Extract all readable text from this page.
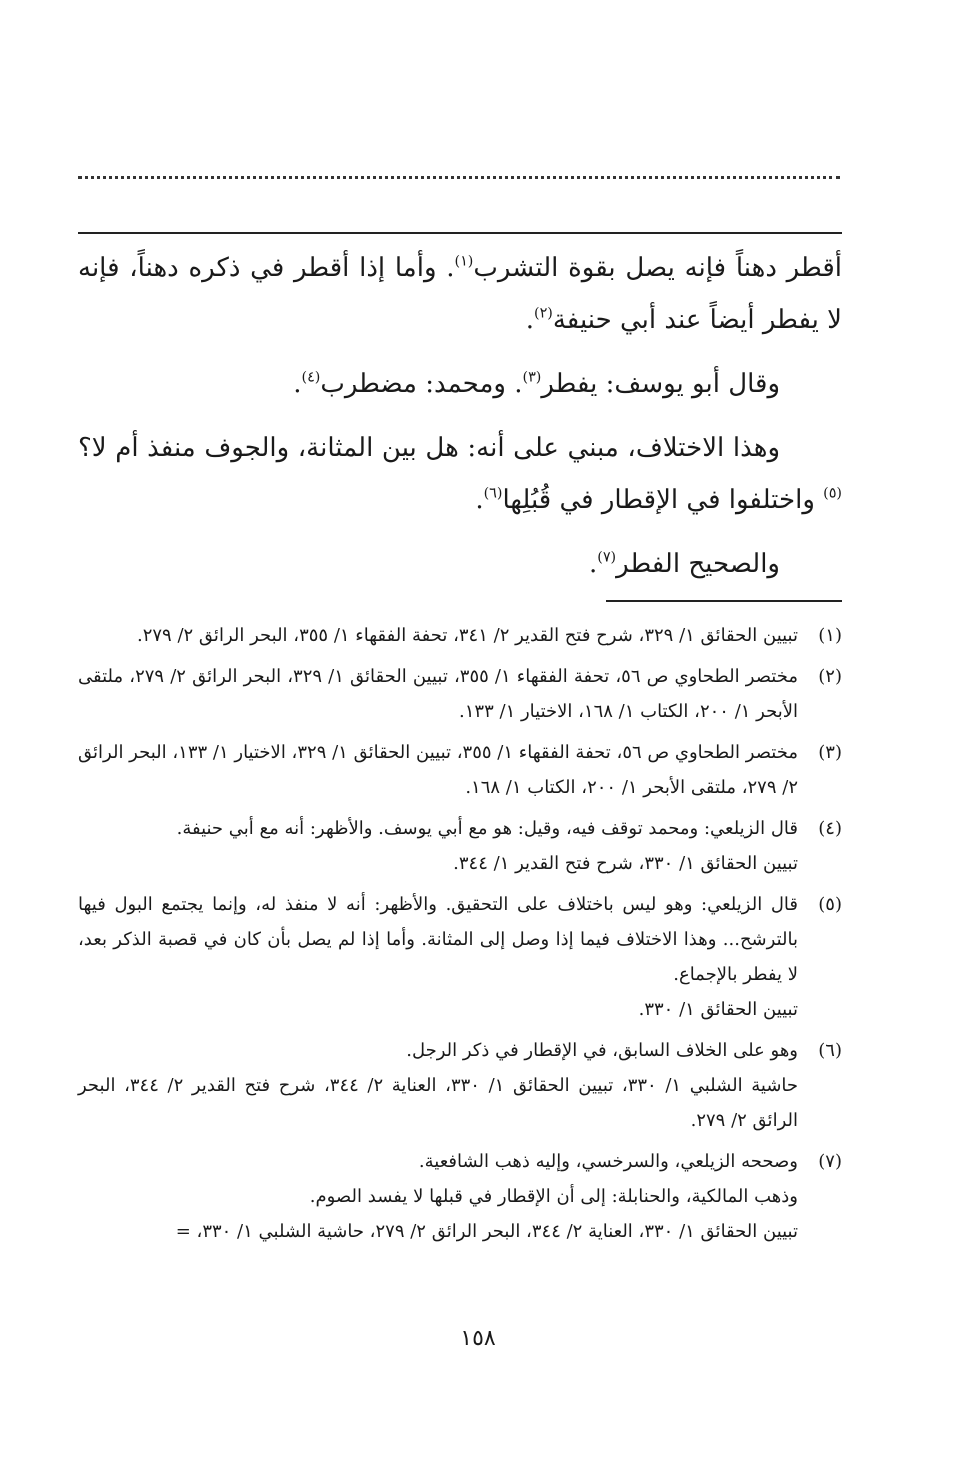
أقطر دهناً فإنه يصل بقوة التشرب$^{(١)}$. وأما إذا أقطر في ذكره دهناً، فإنه لا يفطر أيضاً عند أبي حنيفة$^{(٢)}$.

وقال أبو يوسف: يفطر$^{(٣)}$. ومحمد: مضطرب$^{(٤)}$.

وهذا الاختلاف، مبني على أنه: هل بين المثانة، والجوف منفذ أم لا؟$^{(٥)}$ واختلفوا في الإقطار في قُبُلِها$^{(٦)}$.

والصحيح الفطر$^{(٧)}$.

(١)
تبيين الحقائق ١/ ٣٢٩، شرح فتح القدير ٢/ ٣٤١، تحفة الفقهاء ١/ ٣٥٥، البحر الرائق ٢/ ٢٧٩.
(٢)
مختصر الطحاوي ص ٥٦، تحفة الفقهاء ١/ ٣٥٥، تبيين الحقائق ١/ ٣٢٩، البحر الرائق ٢/ ٢٧٩، ملتقى الأبحر ١/ ٢٠٠، الكتاب ١/ ١٦٨، الاختيار ١/ ١٣٣.
(٣)
مختصر الطحاوي ص ٥٦، تحفة الفقهاء ١/ ٣٥٥، تبيين الحقائق ١/ ٣٢٩، الاختيار ١/ ١٣٣، البحر الرائق ٢/ ٢٧٩، ملتقى الأبحر ١/ ٢٠٠، الكتاب ١/ ١٦٨.
(٤)
قال الزيلعي: ومحمد توقف فيه، وقيل: هو مع أبي يوسف. والأظهر: أنه مع أبي حنيفة.
تبيين الحقائق ١/ ٣٣٠، شرح فتح القدير ١/ ٣٤٤.
(٥)
قال الزيلعي: وهو ليس باختلاف على التحقيق. والأظهر: أنه لا منفذ له، وإنما يجتمع البول فيها بالترشح... وهذا الاختلاف فيما إذا وصل إلى المثانة. وأما إذا لم يصل بأن كان في قصبة الذكر بعد، لا يفطر بالإجماع.
تبيين الحقائق ١/ ٣٣٠.
(٦)
وهو على الخلاف السابق، في الإقطار في ذكر الرجل.
حاشية الشلبي ١/ ٣٣٠، تبيين الحقائق ١/ ٣٣٠، العناية ٢/ ٣٤٤، شرح فتح القدير ٢/ ٣٤٤، البحر الرائق ٢/ ٢٧٩.
(٧)
وصححه الزيلعي، والسرخسي، وإليه ذهب الشافعية.
وذهب المالكية، والحنابلة: إلى أن الإقطار في قبلها لا يفسد الصوم.
تبيين الحقائق ١/ ٣٣٠، العناية ٢/ ٣٤٤، البحر الرائق ٢/ ٢٧٩، حاشية الشلبي ١/ ٣٣٠، =
١٥٨
